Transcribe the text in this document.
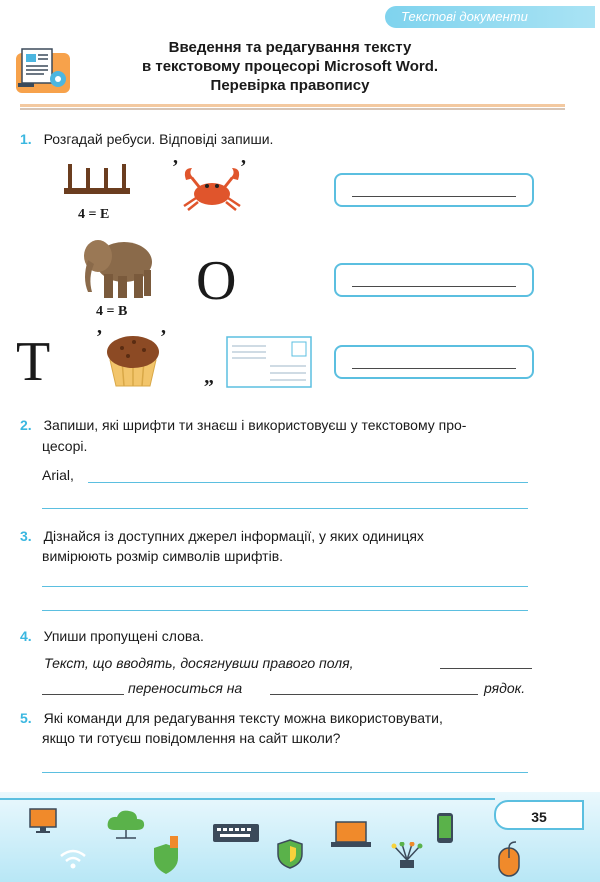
Текстові документи
Введення та редагування тексту
в текстовому процесорі Microsoft Word.
Перевірка правопису
1. Розгадай ребуси. Відповіді запиши.
4 = Е
’	’
4 = В О
Т ’	’
„
2. Запиши, які шрифти ти знаєш і використовуєш у текстовому про-
цесорі.
Arial,
3. Дізнайся із доступних джерел інформації, у яких одиницях
вимірюють розмір символів шрифтів.
4. Упиши пропущені слова.
Текст, що вводять, досягнувши правого поля,
переноситься на	рядок.
5. Які команди для редагування тексту можна використовувати,
якщо ти готуєш повідомлення на сайт школи?
35
